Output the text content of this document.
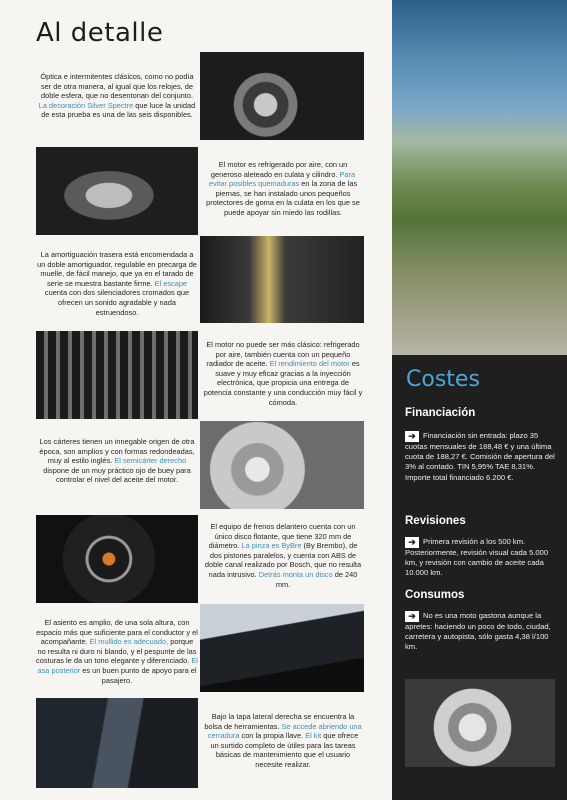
Al detalle
Óptica e intermitentes clásicos, como no podía ser de otra manera, al igual que los relojes, de doble esfera, que no desentonan del conjunto. La decoración Silver Spectre que luce la unidad de esta prueba es una de las seis disponibles.
El motor es refrigerado por aire, con un generoso aleteado en culata y cilindro. Para evitar posibles quemaduras en la zona de las piernas, se han instalado unos pequeños protectores de goma en la culata en los que se puede apoyar sin miedo las rodillas.
La amortiguación trasera está encomendada a un doble amortiguador, regulable en precarga de muelle, de fácil manejo, que ya en el tarado de serie se muestra bastante firme. El escape cuenta con dos silenciadores cromados que ofrecen un sonido agradable y nada estruendoso.
El motor no puede ser más clásico: refrigerado por aire, también cuenta con un pequeño radiador de aceite. El rendimiento del motor es suave y muy eficaz gracias a la inyección electrónica, que propicia una entrega de potencia constante y una conducción muy fácil y cómoda.
Los cárteres tienen un innegable origen de otra época, son amplios y con formas redondeadas, muy al estilo inglés. El semicárter derecho dispone de un muy práctico ojo de buey para controlar el nivel del aceite del motor.
El equipo de frenos delantero cuenta con un único disco flotante, que tiene 320 mm de diámetro. La pinza es ByBre (By Brembo), de dos pistones paralelos, y cuenta con ABS de doble canal realizado por Bosch, que no resulta nada intrusivo. Detrás monta un disco de 240 mm.
El asiento es amplio, de una sola altura, con espacio más que suficiente para el conductor y el acompañante. El mullido es adecuado, porque no resulta ni duro ni blando, y el pespunte de las costuras le da un tono elegante y diferenciado. El asa posterior es un buen punto de apoyo para el pasajero.
Bajo la tapa lateral derecha se encuentra la bolsa de herramientas. Se accede abriendo una cerradura con la propia llave. El kit que ofrece un surtido completo de útiles para las tareas básicas de mantenimiento que el usuario necesite realizar.
Costes
Financiación
➔ Financiación sin entrada: plazo 35 cuotas mensuales de 188,48 € y una última cuota de 188,27 €. Comisión de apertura del 3% al contado. TIN 5,95% TAE 8,31%. Importe total financiado 6.200 €.
Revisiones
➔ Primera revisión a los 500 km. Posteriormente, revisión visual cada 5.000 km, y revisión con cambio de aceite cada 10.000 km.
Consumos
➔ No es una moto gastona aunque la apretes: haciendo un poco de todo, ciudad, carretera y autopista, sólo gasta 4,38 l/100 km.
